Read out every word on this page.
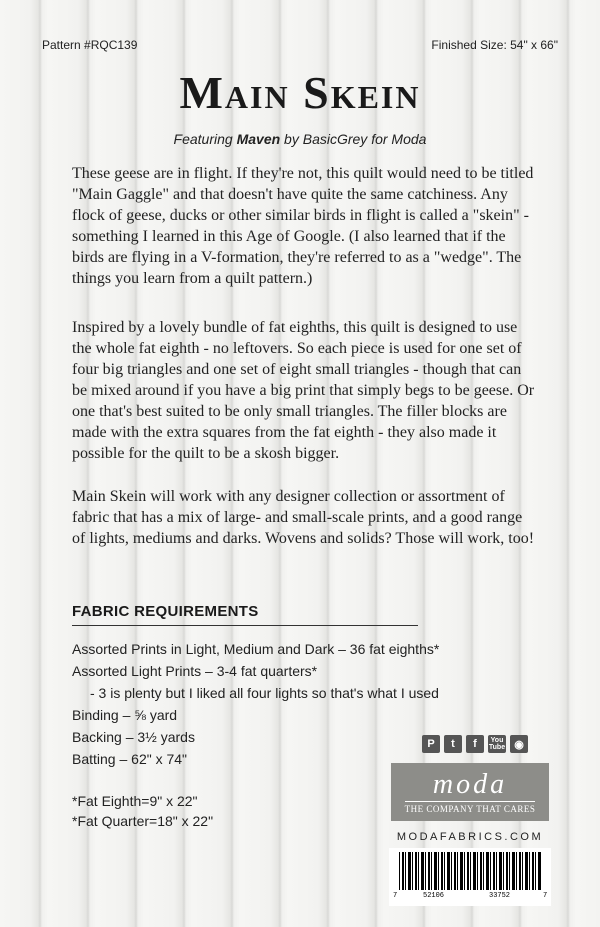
Pattern #RQC139	Finished Size: 54" x 66"
Main Skein
Featuring Maven by BasicGrey for Moda

These geese are in flight. If they're not, this quilt would need to be titled "Main Gaggle" and that doesn't have quite the same catchiness. Any flock of geese, ducks or other similar birds in flight is called a "skein" - something I learned in this Age of Google. (I also learned that if the birds are flying in a V-formation, they're referred to as a "wedge". The things you learn from a quilt pattern.)

Inspired by a lovely bundle of fat eighths, this quilt is designed to use the whole fat eighth - no leftovers. So each piece is used for one set of four big triangles and one set of eight small triangles - though that can be mixed around if you have a big print that simply begs to be geese. Or one that's best suited to be only small triangles. The filler blocks are made with the extra squares from the fat eighth - they also made it possible for the quilt to be a skosh bigger.

Main Skein will work with any designer collection or assortment of fabric that has a mix of large- and small-scale prints, and a good range of lights, mediums and darks. Wovens and solids? Those will work, too!

FABRIC REQUIREMENTS
Assorted Prints in Light, Medium and Dark – 36 fat eighths*
Assorted Light Prints – 3-4 fat quarters*
- 3 is plenty but I liked all four lights so that's what I used
Binding – ⅝ yard
Backing – 3½ yards
Batting – 62" x 74"
*Fat Eighth=9" x 22"
*Fat Quarter=18" x 22"
P	t	f	You
Tube ◉
moda
THE COMPANY THAT CARES
MODAFABRICS.COM
7	52106	33752	7
